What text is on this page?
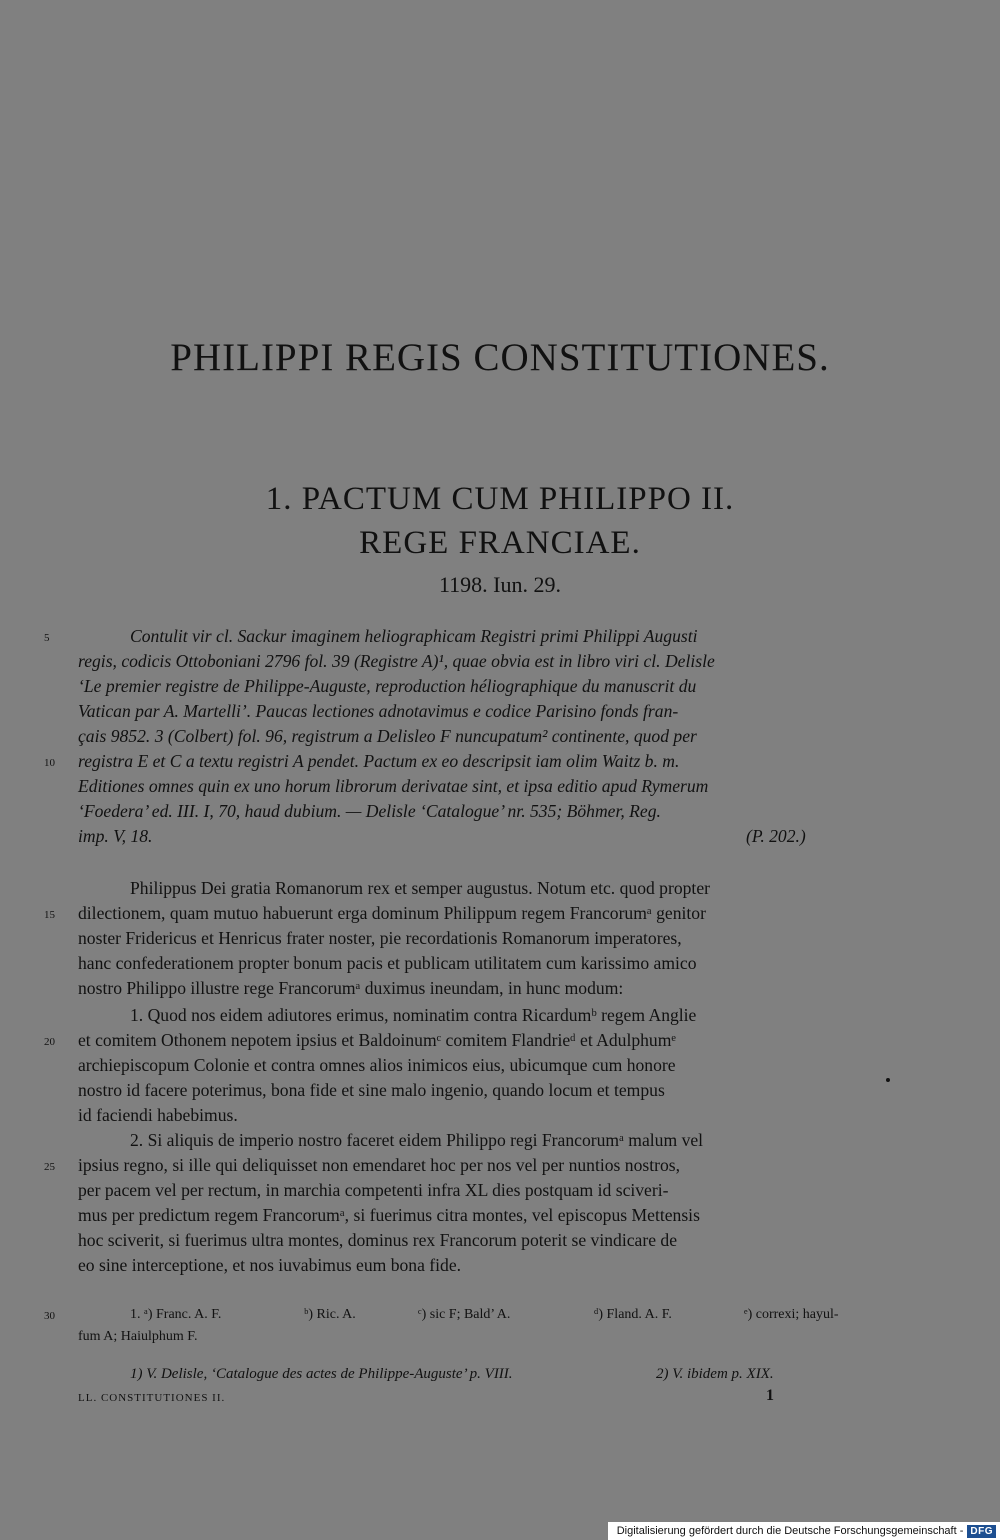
PHILIPPI REGIS CONSTITUTIONES.
1. PACTUM CUM PHILIPPO II.
REGE FRANCIAE.
1198. Iun. 29.
Contulit vir cl. Sackur imaginem heliographicam Registri primi Philippi Augusti
regis, codicis Ottoboniani 2796 fol. 39 (Registre A)¹, quae obvia est in libro viri cl. Delisle
‘Le premier registre de Philippe-Auguste, reproduction héliographique du manuscrit du
Vatican par A. Martelli’. Paucas lectiones adnotavimus e codice Parisino fonds fran-
çais 9852. 3 (Colbert) fol. 96, registrum a Delisleo F nuncupatum² continente, quod per
registra E et C a textu registri A pendet. Pactum ex eo descripsit iam olim Waitz b. m.
Editiones omnes quin ex uno horum librorum derivatae sint, et ipsa editio apud Rymerum
‘Foedera’ ed. III. I, 70, haud dubium. — Delisle ‘Catalogue’ nr. 535; Böhmer, Reg.
imp. V, 18.	(P. 202.)
Philippus Dei gratia Romanorum rex et semper augustus. Notum etc. quod propter
dilectionem, quam mutuo habuerunt erga dominum Philippum regem Francorumᵃ genitor
noster Fridericus et Henricus frater noster, pie recordationis Romanorum imperatores,
hanc confederationem propter bonum pacis et publicam utilitatem cum karissimo amico
nostro Philippo illustre rege Francorumᵃ duximus ineundam, in hunc modum:
1. Quod nos eidem adiutores erimus, nominatim contra Ricardumᵇ regem Anglie
et comitem Othonem nepotem ipsius et Baldoinumᶜ comitem Flandrieᵈ et Adulphumᵉ
archiepiscopum Colonie et contra omnes alios inimicos eius, ubicumque cum honore
nostro id facere poterimus, bona fide et sine malo ingenio, quando locum et tempus
id faciendi habebimus.
2. Si aliquis de imperio nostro faceret eidem Philippo regi Francorumᵃ malum vel
ipsius regno, si ille qui deliquisset non emendaret hoc per nos vel per nuntios nostros,
per pacem vel per rectum, in marchia competenti infra XL dies postquam id sciveri-
mus per predictum regem Francorumᵃ, si fuerimus citra montes, vel episcopus Mettensis
hoc sciverit, si fuerimus ultra montes, dominus rex Francorum poterit se vindicare de
eo sine interceptione, et nos iuvabimus eum bona fide.
5
10
15
20
25
30	1. ᵃ) Franc. A. F.	ᵇ) Ric. A.	ᶜ) sic F; Bald’ A.	ᵈ) Fland. A. F.	ᵉ) correxi; hayul-
fum A; Haiulphum F.
1) V. Delisle, ‘Catalogue des actes de Philippe-Auguste’ p. VIII.	2) V. ibidem p. XIX.
LL. CONSTITUTIONES II.	1
Digitalisierung gefördert durch die Deutsche Forschungsgemeinschaft - DFG
